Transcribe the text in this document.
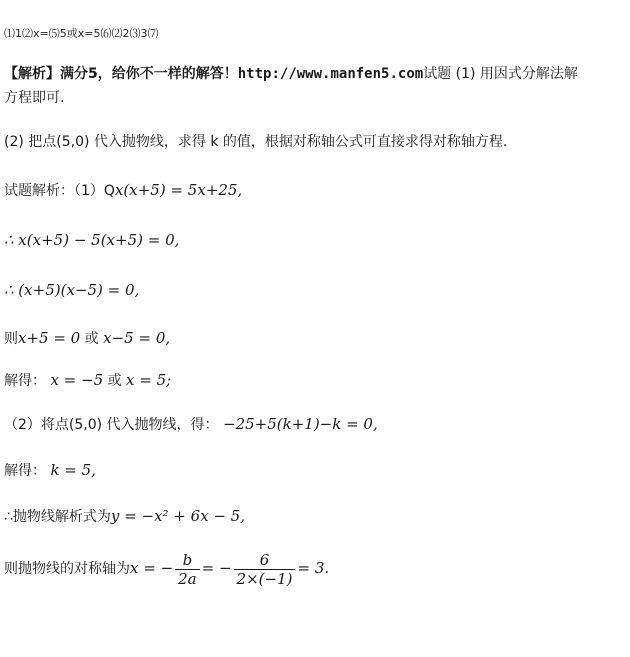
⑴1⑵x=⑸5或x=5⑹⑵2⑶3⑺
【解析】满分5，给你不一样的解答！http://www.manfen5.com试题 (1) 用因式分解法解
方程即可.
(2) 把点(5,0) 代入抛物线，求得 k 的值，根据对称轴公式可直接求得对称轴方程.
试题解析：（1）Qx(x+5) = 5x+25,
∴ x(x+5) − 5(x+5) = 0,
∴ (x+5)(x−5) = 0,
则x+5 = 0 或 x−5 = 0,
解得： x = −5 或 x = 5;
（2）将点(5,0) 代入抛物线，得： −25+5(k+1)−k = 0,
解得： k = 5,
∴抛物线解析式为y = −x² + 6x − 5,
则抛物线的对称轴为x = − $\frac{b}{2a}$ = − $\frac{6}{2\times(-1)} = 3$.
